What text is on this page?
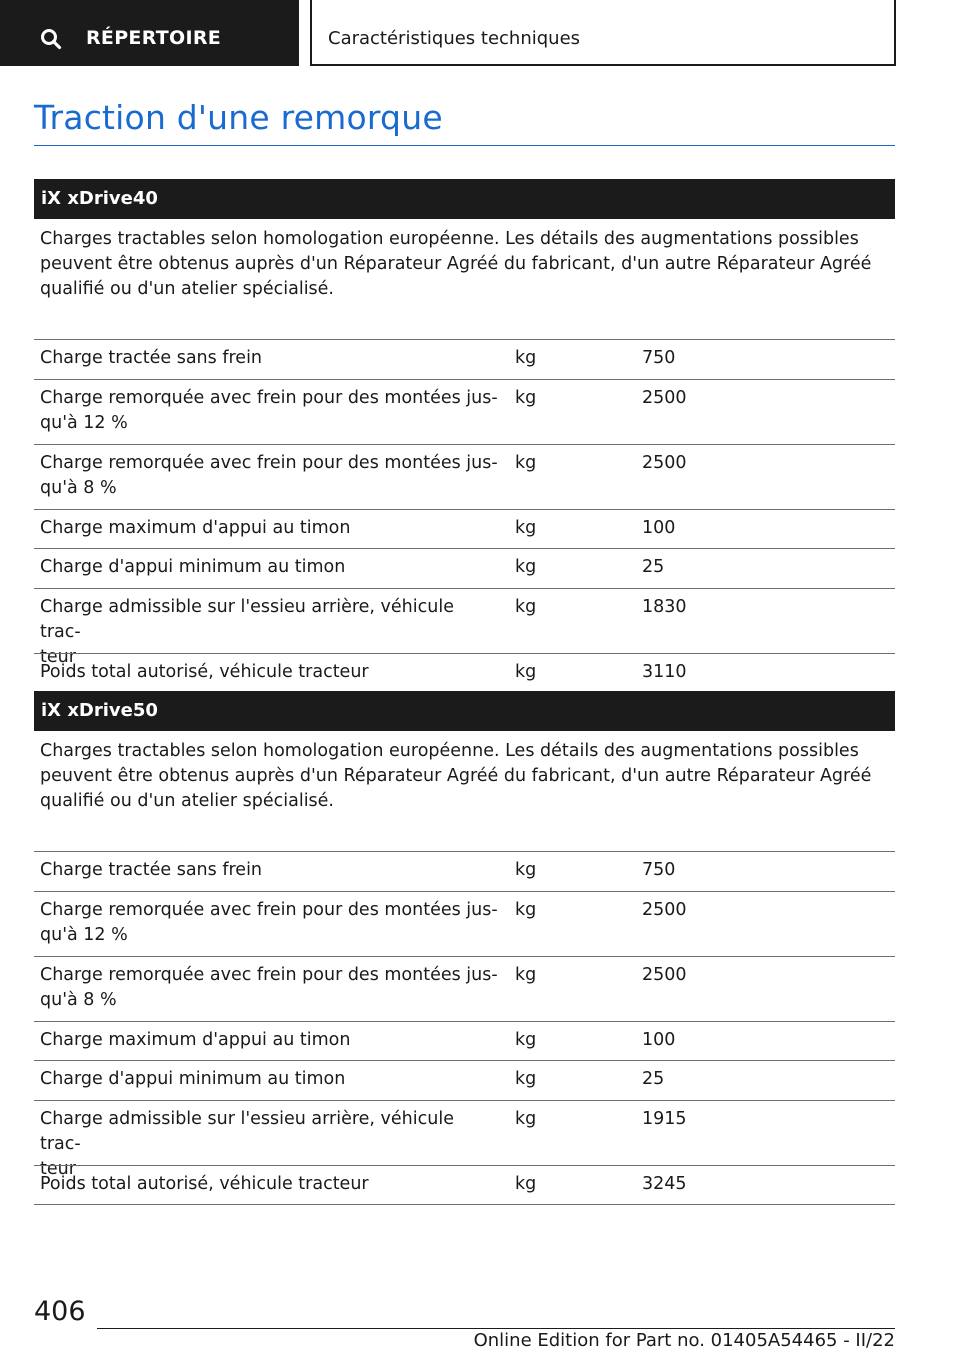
RÉPERTOIRE	Caractéristiques techniques
Traction d'une remorque
iX xDrive40
Charges tractables selon homologation européenne. Les détails des augmentations possibles peuvent être obtenus auprès d'un Réparateur Agréé du fabricant, d'un autre Réparateur Agréé qualifié ou d'un atelier spécialisé.
Charge tractée sans frein	kg	750
Charge remorquée avec frein pour des montées jus-
qu'à 12 %
kg	2500
Charge remorquée avec frein pour des montées jus-
qu'à 8 %
kg	2500
Charge maximum d'appui au timon	kg	100
Charge d'appui minimum au timon	kg	25
Charge admissible sur l'essieu arrière, véhicule trac-
teur
kg	1830
Poids total autorisé, véhicule tracteur	kg	3110
iX xDrive50
Charges tractables selon homologation européenne. Les détails des augmentations possibles peuvent être obtenus auprès d'un Réparateur Agréé du fabricant, d'un autre Réparateur Agréé qualifié ou d'un atelier spécialisé.
Charge tractée sans frein	kg	750
Charge remorquée avec frein pour des montées jus-
qu'à 12 %
kg	2500
Charge remorquée avec frein pour des montées jus-
qu'à 8 %
kg	2500
Charge maximum d'appui au timon	kg	100
Charge d'appui minimum au timon	kg	25
Charge admissible sur l'essieu arrière, véhicule trac-
teur
kg	1915
Poids total autorisé, véhicule tracteur	kg	3245
406
Online Edition for Part no. 01405A54465 - II/22
